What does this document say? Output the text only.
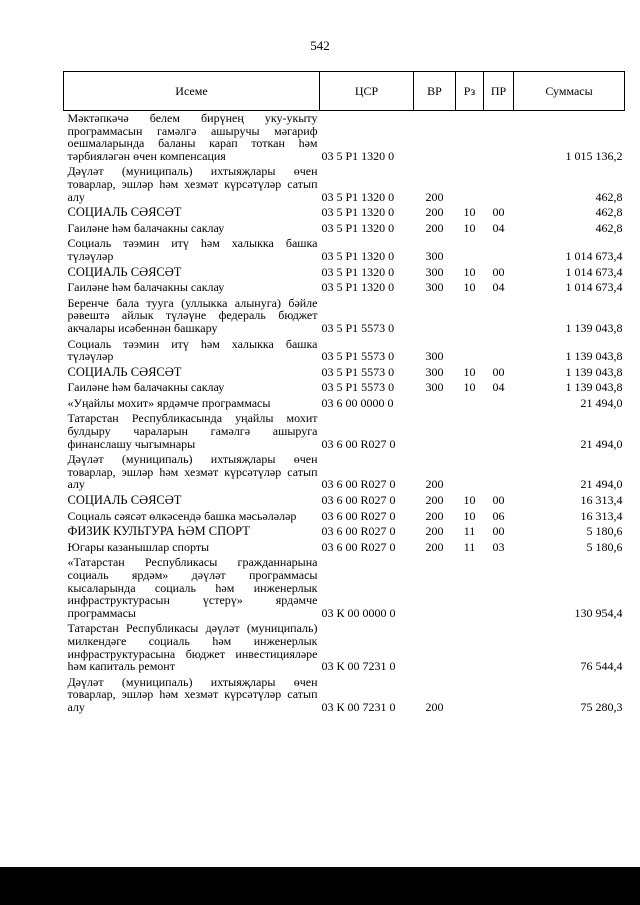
542
Исеме	ЦСР	ВР	Рз	ПР	Суммасы
Мәктәпкәчә белем бирүнең уку-укыту программасын гамәлгә ашыручы мәгариф оешмаларында баланы карап тоткан һәм тәрбияләгән өчен компенсация	03 5 P1 1320 0				1 015 136,2
Дәүләт (муниципаль) ихтыяҗлары өчен товарлар, эшләр һәм хезмәт күрсәтүләр сатып алу	03 5 P1 1320 0	200			462,8
СОЦИАЛЬ СӘЯСӘТ	03 5 P1 1320 0	200	10	00	462,8
Гаиләне һәм балачакны саклау	03 5 P1 1320 0	200	10	04	462,8
Социаль тәэмин итү һәм халыкка башка түләүләр	03 5 P1 1320 0	300			1 014 673,4
СОЦИАЛЬ СӘЯСӘТ	03 5 P1 1320 0	300	10	00	1 014 673,4
Гаиләне һәм балачакны саклау	03 5 P1 1320 0	300	10	04	1 014 673,4
Беренче бала туугa (уллыкка алынуга) бәйле рәвештә айлык түләүне федераль бюджет акчалары исәбеннән башкару	03 5 P1 5573 0				1 139 043,8
Социаль тәэмин итү һәм халыкка башка түләүләр	03 5 P1 5573 0	300			1 139 043,8
СОЦИАЛЬ СӘЯСӘТ	03 5 P1 5573 0	300	10	00	1 139 043,8
Гаиләне һәм балачакны саклау	03 5 P1 5573 0	300	10	04	1 139 043,8
«Уңайлы мохит» ярдәмче программасы	03 6 00 0000 0				21 494,0
Татарстан Республикасында уңайлы мохит булдыру чараларын гамәлгә ашыруга финанслашу чыгымнары	03 6 00 R027 0				21 494,0
Дәүләт (муниципаль) ихтыяҗлары өчен товарлар, эшләр һәм хезмәт күрсәтүләр сатып алу	03 6 00 R027 0	200			21 494,0
СОЦИАЛЬ СӘЯСӘТ	03 6 00 R027 0	200	10	00	16 313,4
Социаль сәясәт өлкәсендә башка мәсьәләләр	03 6 00 R027 0	200	10	06	16 313,4
ФИЗИК КУЛЬТУРА ҺӘМ СПОРТ	03 6 00 R027 0	200	11	00	5 180,6
Югары казанышлар спорты	03 6 00 R027 0	200	11	03	5 180,6
«Татарстан Республикасы гражданнарына социаль ярдәм» дәүләт программасы кысаларында социаль һәм инженерлык инфраструктурасын үстерү» ярдәмче программасы	03 К 00 0000 0				130 954,4
Татарстан Республикасы дәүләт (муниципаль) милкендәге социаль һәм инженерлык инфраструктурасына бюджет инвестицияләре һәм капиталь ремонт	03 К 00 7231 0				76 544,4
Дәүләт (муниципаль) ихтыяҗлары өчен товарлар, эшләр һәм хезмәт күрсәтүләр сатып алу	03 К 00 7231 0	200			75 280,3
